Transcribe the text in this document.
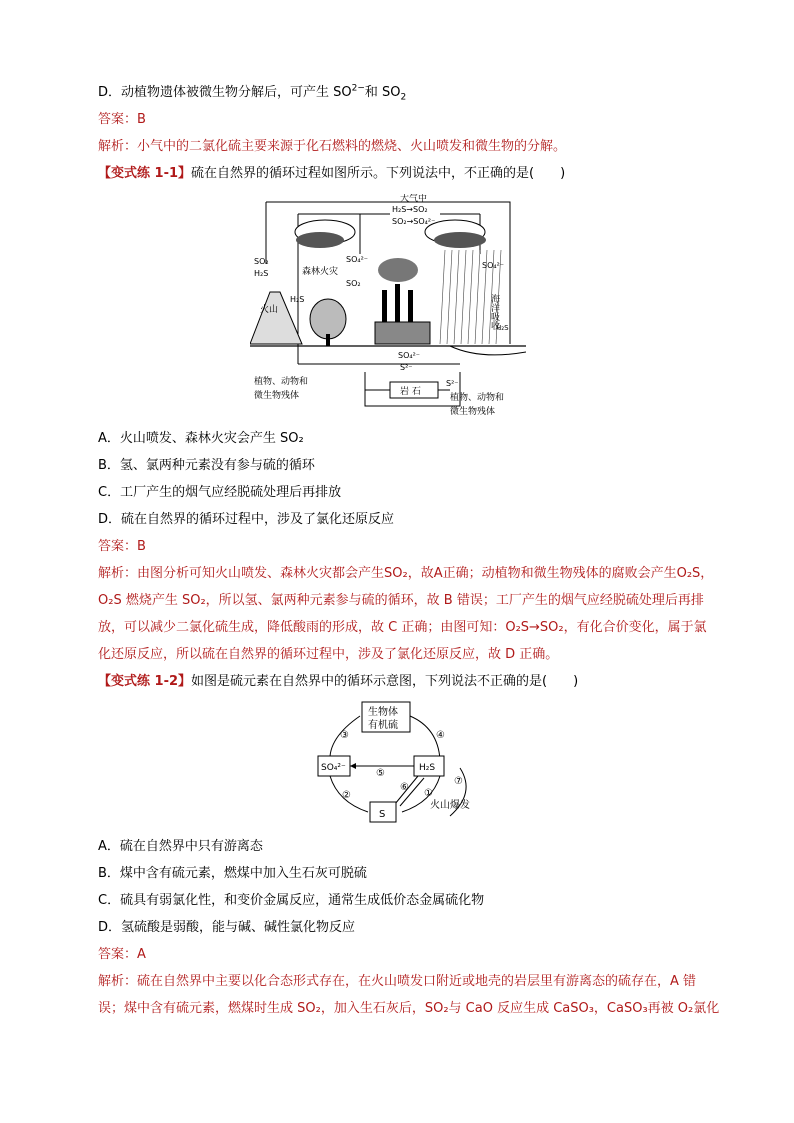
D．动植物遗体被微生物分解后，可产生 $SO^{2-}$和 $SO_2$
答案：B
解析：小气中的二氯化硫主要来源于化石燃料的燃烧、火山喷发和微生物的分解。
【变式练 1-1】硫在自然界的循环过程如图所示。下列说法中，不正确的是(　　)
大气中
H₂S→SO₂
SO₂→SO₄²⁻
SO₂
H₂S	森林火灾
SO₄²⁻
SO₂
火山
H₂S
SO₄²⁻
海洋吸收
H₂S
SO₄²⁻
S²⁻
岩 石
S²⁻
植物、动物和
微生物残体	植物、动物和
微生物残体
A．火山喷发、森林火灾会产生 SO₂
B．氢、氯两种元素没有参与硫的循环
C．工厂产生的烟气应经脱硫处理后再排放
D．硫在自然界的循环过程中，涉及了氯化还原反应
答案：B
解析：由图分析可知火山喷发、森林火灾都会产生SO₂，故A正确；动植物和微生物残体的腐败会产生O₂S，
O₂S 燃烧产生 SO₂，所以氢、氯两种元素参与硫的循环，故 B 错误；工厂产生的烟气应经脱硫处理后再排
放，可以减少二氯化硫生成，降低酸雨的形成，故 C 正确；由图可知：O₂S→SO₂，有化合价变化，属于氯
化还原反应，所以硫在自然界的循环过程中，涉及了氯化还原反应，故 D 正确。
【变式练 1-2】如图是硫元素在自然界中的循环示意图，下列说法不正确的是(　　)
生物体
有机硫
SO₄²⁻	H₂S
S
火山爆发
①
②
③	④
⑤
⑥
⑦
A．硫在自然界中只有游离态
B．煤中含有硫元素，燃煤中加入生石灰可脱硫
C．硫具有弱氯化性，和变价金属反应，通常生成低价态金属硫化物
D．氢硫酸是弱酸，能与碱、碱性氯化物反应
答案：A
解析：硫在自然界中主要以化合态形式存在，在火山喷发口附近或地壳的岩层里有游离态的硫存在，A 错
误；煤中含有硫元素，燃煤时生成 SO₂，加入生石灰后，SO₂与 CaO 反应生成 CaSO₃，CaSO₃再被 O₂氯化
